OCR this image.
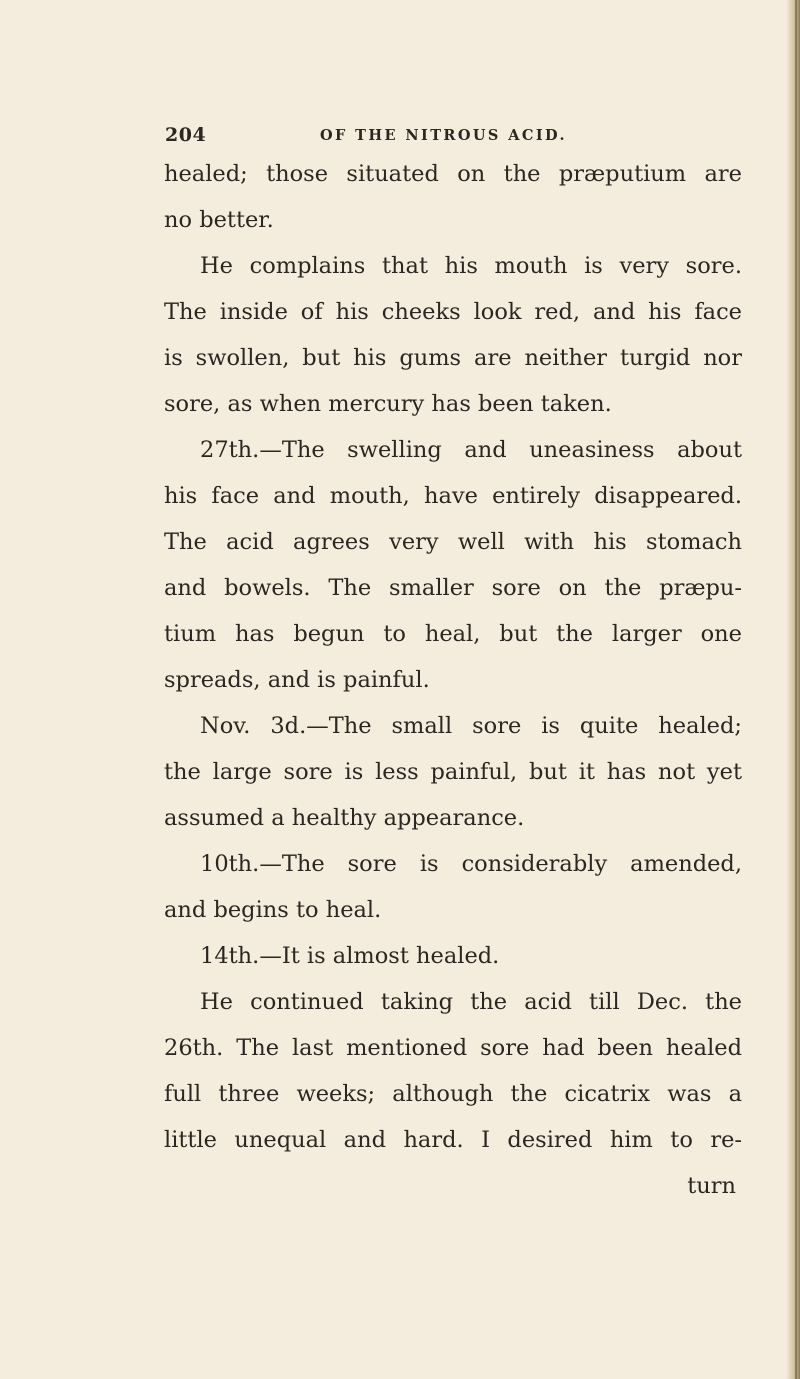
204	OF THE NITROUS ACID.
healed; those situated on the præputium are
no better.
He complains that his mouth is very sore.
The inside of his cheeks look red, and his face
is swollen, but his gums are neither turgid nor
sore, as when mercury has been taken.
27th.—The swelling and uneasiness about
his face and mouth, have entirely disappeared.
The acid agrees very well with his stomach
and bowels. The smaller sore on the præpu-
tium has begun to heal, but the larger one
spreads, and is painful.
Nov. 3d.—The small sore is quite healed;
the large sore is less painful, but it has not yet
assumed a healthy appearance.
10th.—The sore is considerably amended,
and begins to heal.
14th.—It is almost healed.
He continued taking the acid till Dec. the
26th. The last mentioned sore had been healed
full three weeks; although the cicatrix was a
little unequal and hard. I desired him to re-
turn
